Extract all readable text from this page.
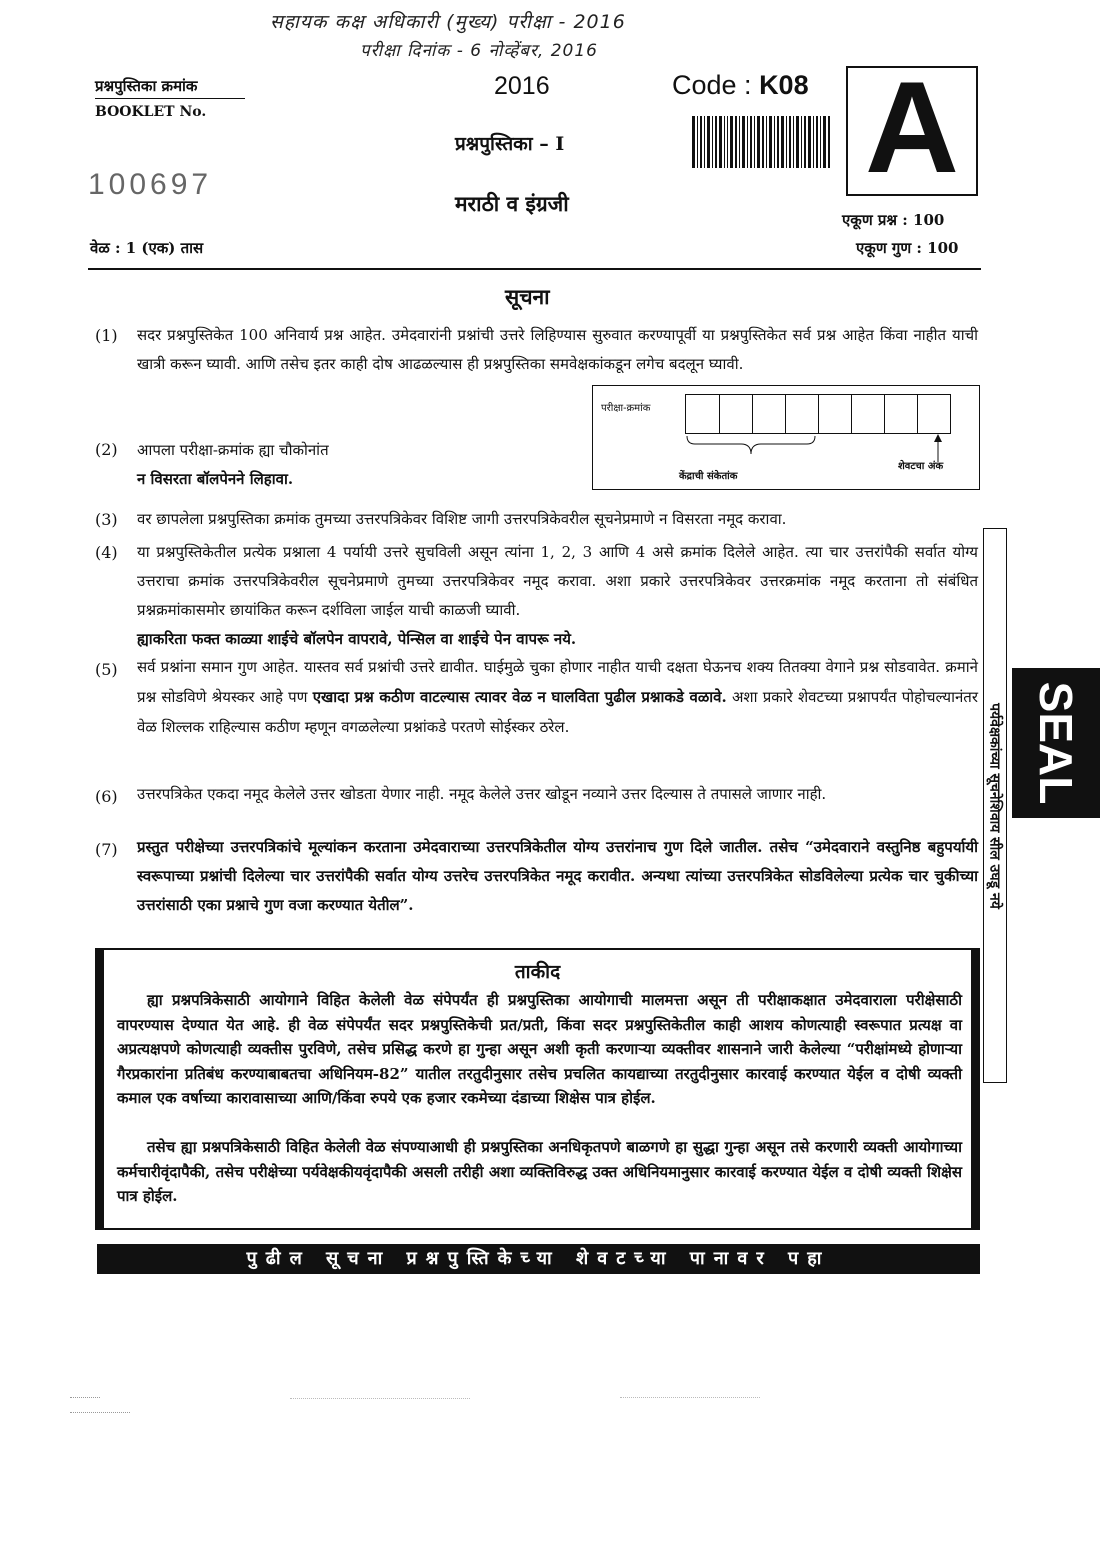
सहायक कक्ष अधिकारी (मुख्य) परीक्षा - 2016
परीक्षा दिनांक - 6 नोव्हेंबर, 2016
प्रश्नपुस्तिका क्रमांक
BOOKLET No.
100697
वेळ : 1 (एक) तास
2016
प्रश्नपुस्तिका – I
मराठी व इंग्रजी
Code : K08 A
एकूण प्रश्न : 100
एकूण गुण : 100
सूचना
(1) सदर प्रश्नपुस्तिकेत 100 अनिवार्य प्रश्न आहेत. उमेदवारांनी प्रश्नांची उत्तरे लिहिण्यास सुरुवात करण्यापूर्वी या प्रश्नपुस्तिकेत सर्व प्रश्न आहेत किंवा नाहीत याची खात्री करून घ्यावी. आणि तसेच इतर काही दोष आढळल्यास ही प्रश्नपुस्तिका समवेक्षकांकडून लगेच बदलून घ्यावी.
परीक्षा-क्रमांक
केंद्राची संकेतांक
शेवटचा अंक
(2) आपला परीक्षा-क्रमांक ह्या चौकोनांत
न विसरता बॉलपेनने लिहावा.
(3) वर छापलेला प्रश्नपुस्तिका क्रमांक तुमच्या उत्तरपत्रिकेवर विशिष्ट जागी उत्तरपत्रिकेवरील सूचनेप्रमाणे न विसरता नमूद करावा.
(4) या प्रश्नपुस्तिकेतील प्रत्येक प्रश्नाला 4 पर्यायी उत्तरे सुचविली असून त्यांना 1, 2, 3 आणि 4 असे क्रमांक दिलेले आहेत. त्या चार उत्तरांपैकी सर्वात योग्य उत्तराचा क्रमांक उत्तरपत्रिकेवरील सूचनेप्रमाणे तुमच्या उत्तरपत्रिकेवर नमूद करावा. अशा प्रकारे उत्तरपत्रिकेवर उत्तरक्रमांक नमूद करताना तो संबंधित प्रश्नक्रमांकासमोर छायांकित करून दर्शविला जाईल याची काळजी घ्यावी.
ह्याकरिता फक्त काळ्या शाईचे बॉलपेन वापरावे, पेन्सिल वा शाईचे पेन वापरू नये.
(5) सर्व प्रश्नांना समान गुण आहेत. यास्तव सर्व प्रश्नांची उत्तरे द्यावीत. घाईमुळे चुका होणार नाहीत याची दक्षता घेऊनच शक्य तितक्या वेगाने प्रश्न सोडवावेत. क्रमाने प्रश्न सोडविणे श्रेयस्कर आहे पण एखादा प्रश्न कठीण वाटल्यास त्यावर वेळ न घालविता पुढील प्रश्नाकडे वळावे. अशा प्रकारे शेवटच्या प्रश्नापर्यंत पोहोचल्यानंतर वेळ शिल्लक राहिल्यास कठीण म्हणून वगळलेल्या प्रश्नांकडे परतणे सोईस्कर ठरेल.
(6) उत्तरपत्रिकेत एकदा नमूद केलेले उत्तर खोडता येणार नाही. नमूद केलेले उत्तर खोडून नव्याने उत्तर दिल्यास ते तपासले जाणार नाही.
(7) प्रस्तुत परीक्षेच्या उत्तरपत्रिकांचे मूल्यांकन करताना उमेदवाराच्या उत्तरपत्रिकेतील योग्य उत्तरांनाच गुण दिले जातील. तसेच “उमेदवाराने वस्तुनिष्ठ बहुपर्यायी स्वरूपाच्या प्रश्नांची दिलेल्या चार उत्तरांपैकी सर्वात योग्य उत्तरेच उत्तरपत्रिकेत नमूद करावीत. अन्यथा त्यांच्या उत्तरपत्रिकेत सोडविलेल्या प्रत्येक चार चुकीच्या उत्तरांसाठी एका प्रश्नाचे गुण वजा करण्यात येतील”.
ताकीद
ह्या प्रश्नपत्रिकेसाठी आयोगाने विहित केलेली वेळ संपेपर्यंत ही प्रश्नपुस्तिका आयोगाची मालमत्ता असून ती परीक्षाकक्षात उमेदवाराला परीक्षेसाठी वापरण्यास देण्यात येत आहे. ही वेळ संपेपर्यंत सदर प्रश्नपुस्तिकेची प्रत/प्रती, किंवा सदर प्रश्नपुस्तिकेतील काही आशय कोणत्याही स्वरूपात प्रत्यक्ष वा अप्रत्यक्षपणे कोणत्याही व्यक्तीस पुरविणे, तसेच प्रसिद्ध करणे हा गुन्हा असून अशी कृती करणाऱ्या व्यक्तीवर शासनाने जारी केलेल्या “परीक्षांमध्ये होणाऱ्या गैरप्रकारांना प्रतिबंध करण्याबाबतचा अधिनियम-82” यातील तरतुदीनुसार तसेच प्रचलित कायद्याच्या तरतुदीनुसार कारवाई करण्यात येईल व दोषी व्यक्ती कमाल एक वर्षाच्या कारावासाच्या आणि/किंवा रुपये एक हजार रकमेच्या दंडाच्या शिक्षेस पात्र होईल.
तसेच ह्या प्रश्नपत्रिकेसाठी विहित केलेली वेळ संपण्याआधी ही प्रश्नपुस्तिका अनधिकृतपणे बाळगणे हा सुद्धा गुन्हा असून तसे करणारी व्यक्ती आयोगाच्या कर्मचारीवृंदापैकी, तसेच परीक्षेच्या पर्यवेक्षकीयवृंदापैकी असली तरीही अशा व्यक्तिविरुद्ध उक्त अधिनियमानुसार कारवाई करण्यात येईल व दोषी व्यक्ती शिक्षेस पात्र होईल.
पुढील सूचना प्रश्नपुस्तिकेच्या शेवटच्या पानावर पहा
पर्यवेक्षकांच्या सूचनेशिवाय सील उघडू नये SEAL
